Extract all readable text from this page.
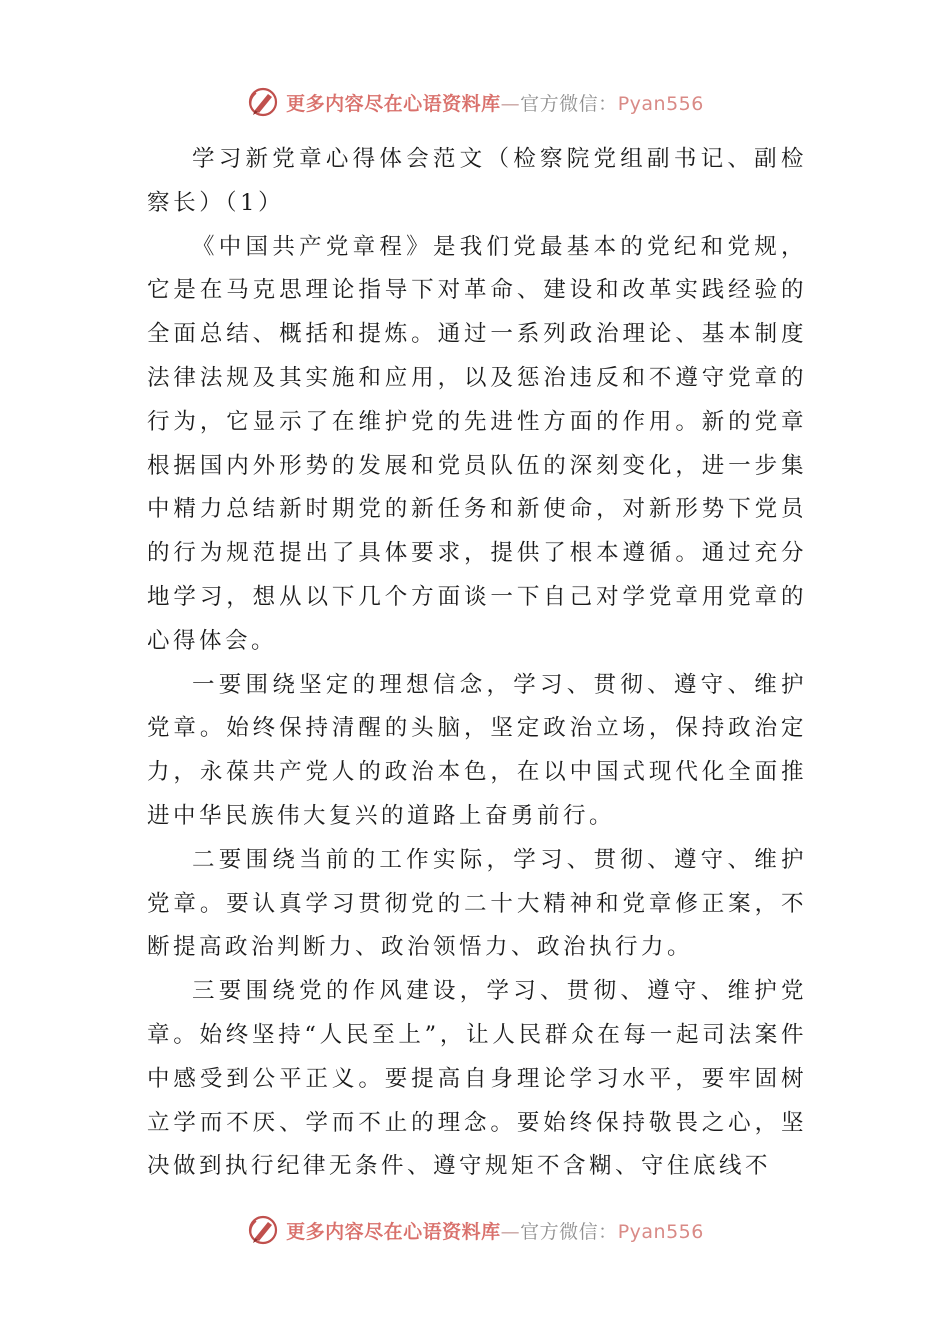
更多内容尽在心语资料库—官方微信：Pyan556

学习新党章心得体会范文（检察院党组副书记、副检察长）（1）

《中国共产党章程》是我们党最基本的党纪和党规，它是在马克思理论指导下对革命、建设和改革实践经验的全面总结、概括和提炼。通过一系列政治理论、基本制度法律法规及其实施和应用，以及惩治违反和不遵守党章的行为，它显示了在维护党的先进性方面的作用。新的党章根据国内外形势的发展和党员队伍的深刻变化，进一步集中精力总结新时期党的新任务和新使命，对新形势下党员的行为规范提出了具体要求，提供了根本遵循。通过充分地学习，想从以下几个方面谈一下自己对学党章用党章的心得体会。

一要围绕坚定的理想信念，学习、贯彻、遵守、维护党章。始终保持清醒的头脑，坚定政治立场，保持政治定力，永葆共产党人的政治本色，在以中国式现代化全面推进中华民族伟大复兴的道路上奋勇前行。

二要围绕当前的工作实际，学习、贯彻、遵守、维护党章。要认真学习贯彻党的二十大精神和党章修正案，不断提高政治判断力、政治领悟力、政治执行力。

三要围绕党的作风建设，学习、贯彻、遵守、维护党章。始终坚持“人民至上”，让人民群众在每一起司法案件中感受到公平正义。要提高自身理论学习水平，要牢固树立学而不厌、学而不止的理念。要始终保持敬畏之心，坚决做到执行纪律无条件、遵守规矩不含糊、守住底线不

更多内容尽在心语资料库—官方微信：Pyan556
